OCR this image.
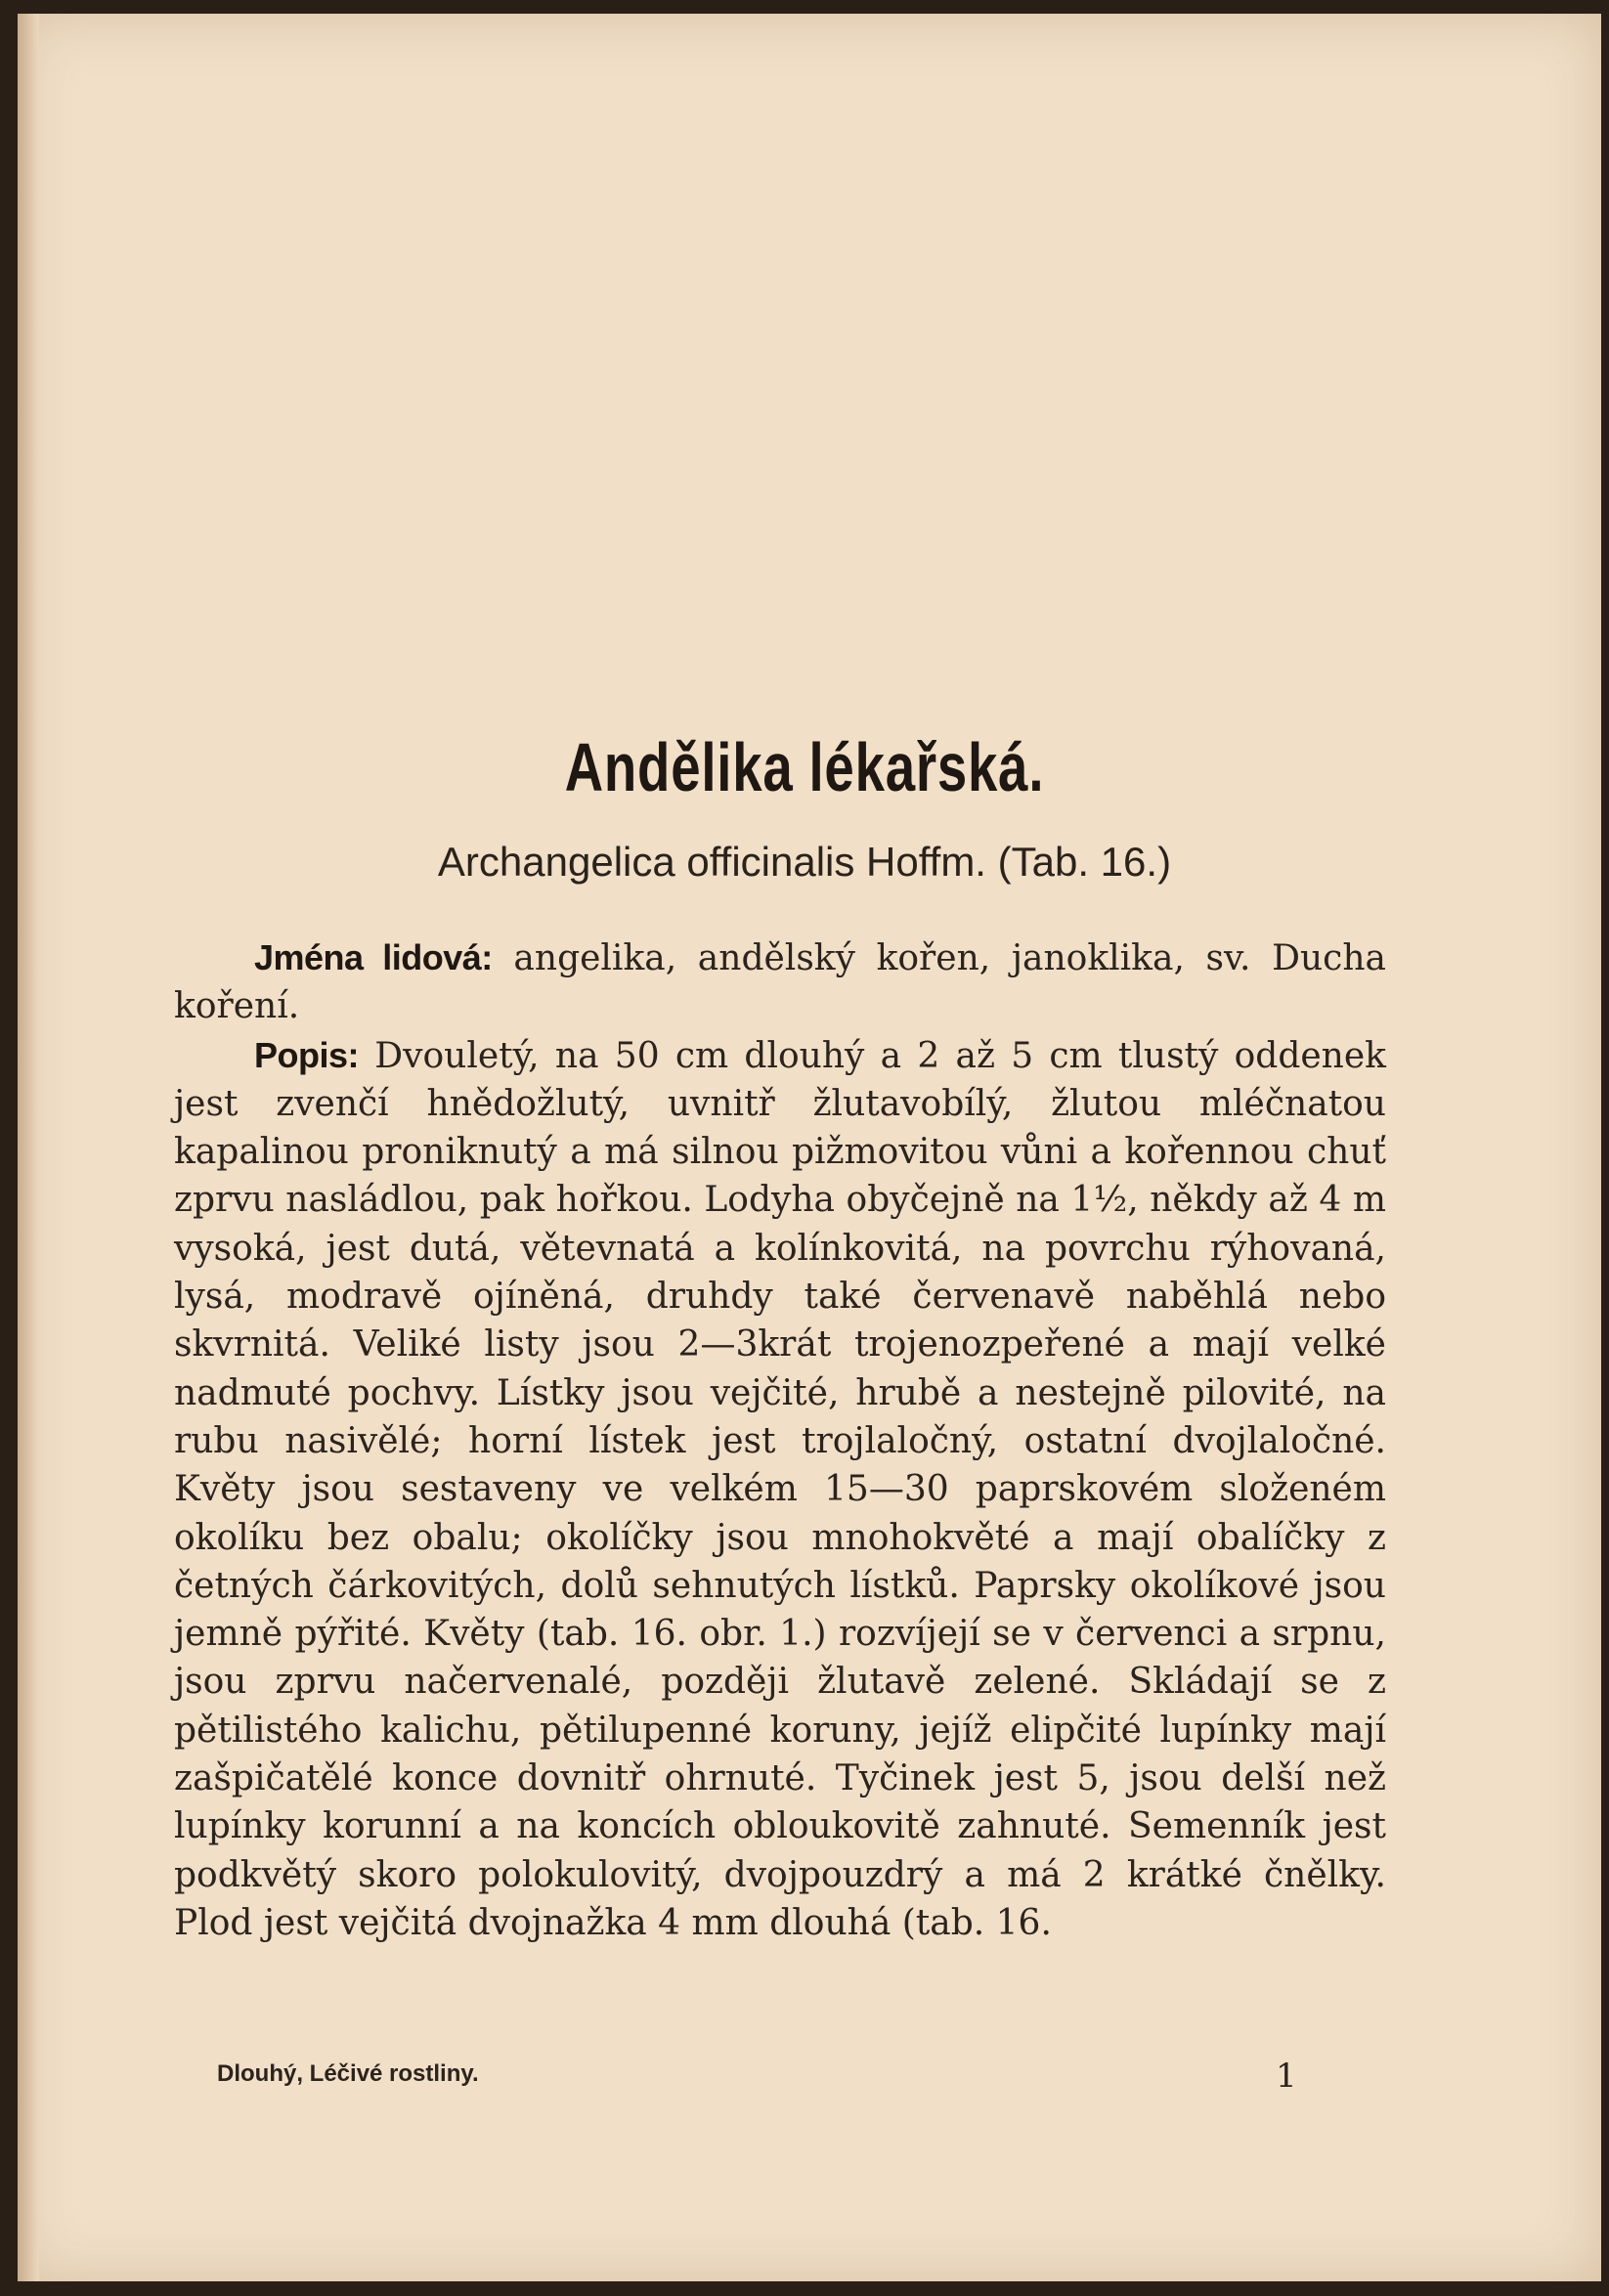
Andělika lékařská.
Archangelica officinalis Hoffm. (Tab. 16.)

Jména lidová: angelika, andělský kořen, janoklika, sv. Ducha koření.

Popis: Dvouletý, na 50 cm dlouhý a 2 až 5 cm tlustý oddenek jest zvenčí hnědožlutý, uvnitř žlutavobílý, žlutou mléčnatou kapalinou proniknutý a má silnou pižmovitou vůni a kořennou chuť zprvu nasládlou, pak hořkou. Lodyha obyčejně na 1½, někdy až 4 m vysoká, jest dutá, větevnatá a kolínkovitá, na povrchu rýhovaná, lysá, modravě ojíněná, druhdy také červenavě naběhlá nebo skvrnitá. Veliké listy jsou 2—3krát trojenozpeřené a mají velké nadmuté pochvy. Lístky jsou vejčité, hrubě a nestejně pilovité, na rubu nasivělé; horní lístek jest trojlaločný, ostatní dvojlaločné. Květy jsou sestaveny ve velkém 15—30 paprskovém složeném okolíku bez obalu; okolíčky jsou mnohokvěté a mají obalíčky z četných čárkovitých, dolů sehnutých lístků. Paprsky okolíkové jsou jemně pýřité. Květy (tab. 16. obr. 1.) rozvíjejí se v červenci a srpnu, jsou zprvu načervenalé, později žlutavě zelené. Skládají se z pětilistého kalichu, pětilupenné koruny, jejíž elipčité lupínky mají zašpičatělé konce dovnitř ohrnuté. Tyčinek jest 5, jsou delší než lupínky korunní a na koncích obloukovitě zahnuté. Semenník jest podkvětý skoro polokulovitý, dvojpouzdrý a má 2 krátké čnělky. Plod jest vejčitá dvojnažka 4 mm dlouhá (tab. 16.

Dlouhý, Léčivé rostliny.	1
